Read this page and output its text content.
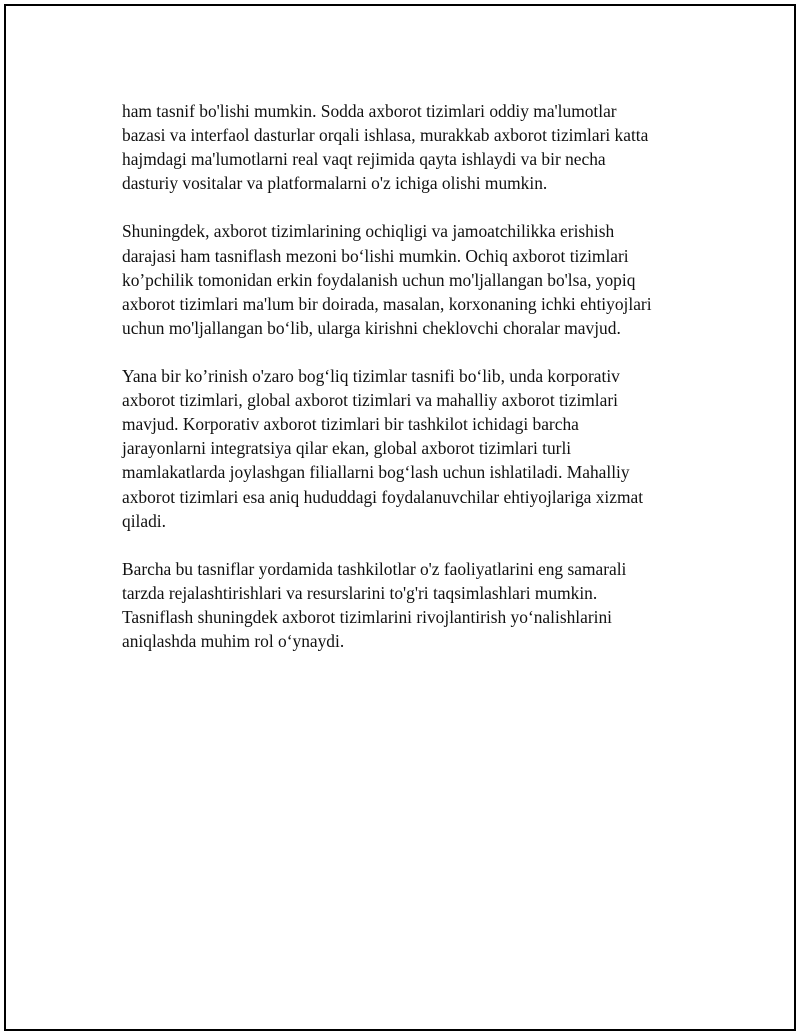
ham tasnif bo'lishi mumkin. Sodda axborot tizimlari oddiy ma'lumotlar
bazasi va interfaol dasturlar orqali ishlasa, murakkab axborot tizimlari katta
hajmdagi ma'lumotlarni real vaqt rejimida qayta ishlaydi va bir necha
dasturiy vositalar va platformalarni o'z ichiga olishi mumkin.

Shuningdek, axborot tizimlarining ochiqligi va jamoatchilikka erishish
darajasi ham tasniflash mezoni bo‘lishi mumkin. Ochiq axborot tizimlari
ko’pchilik tomonidan erkin foydalanish uchun mo'ljallangan bo'lsa, yopiq
axborot tizimlari ma'lum bir doirada, masalan, korxonaning ichki ehtiyojlari
uchun mo'ljallangan bo‘lib, ularga kirishni cheklovchi choralar mavjud.

Yana bir ko’rinish o'zaro bog‘liq tizimlar tasnifi bo‘lib, unda korporativ
axborot tizimlari, global axborot tizimlari va mahalliy axborot tizimlari
mavjud. Korporativ axborot tizimlari bir tashkilot ichidagi barcha
jarayonlarni integratsiya qilar ekan, global axborot tizimlari turli
mamlakatlarda joylashgan filiallarni bog‘lash uchun ishlatiladi. Mahalliy
axborot tizimlari esa aniq hududdagi foydalanuvchilar ehtiyojlariga xizmat
qiladi.

Barcha bu tasniflar yordamida tashkilotlar o'z faoliyatlarini eng samarali
tarzda rejalashtirishlari va resurslarini to'g'ri taqsimlashlari mumkin.
Tasniflash shuningdek axborot tizimlarini rivojlantirish yo‘nalishlarini
aniqlashda muhim rol o‘ynaydi.
